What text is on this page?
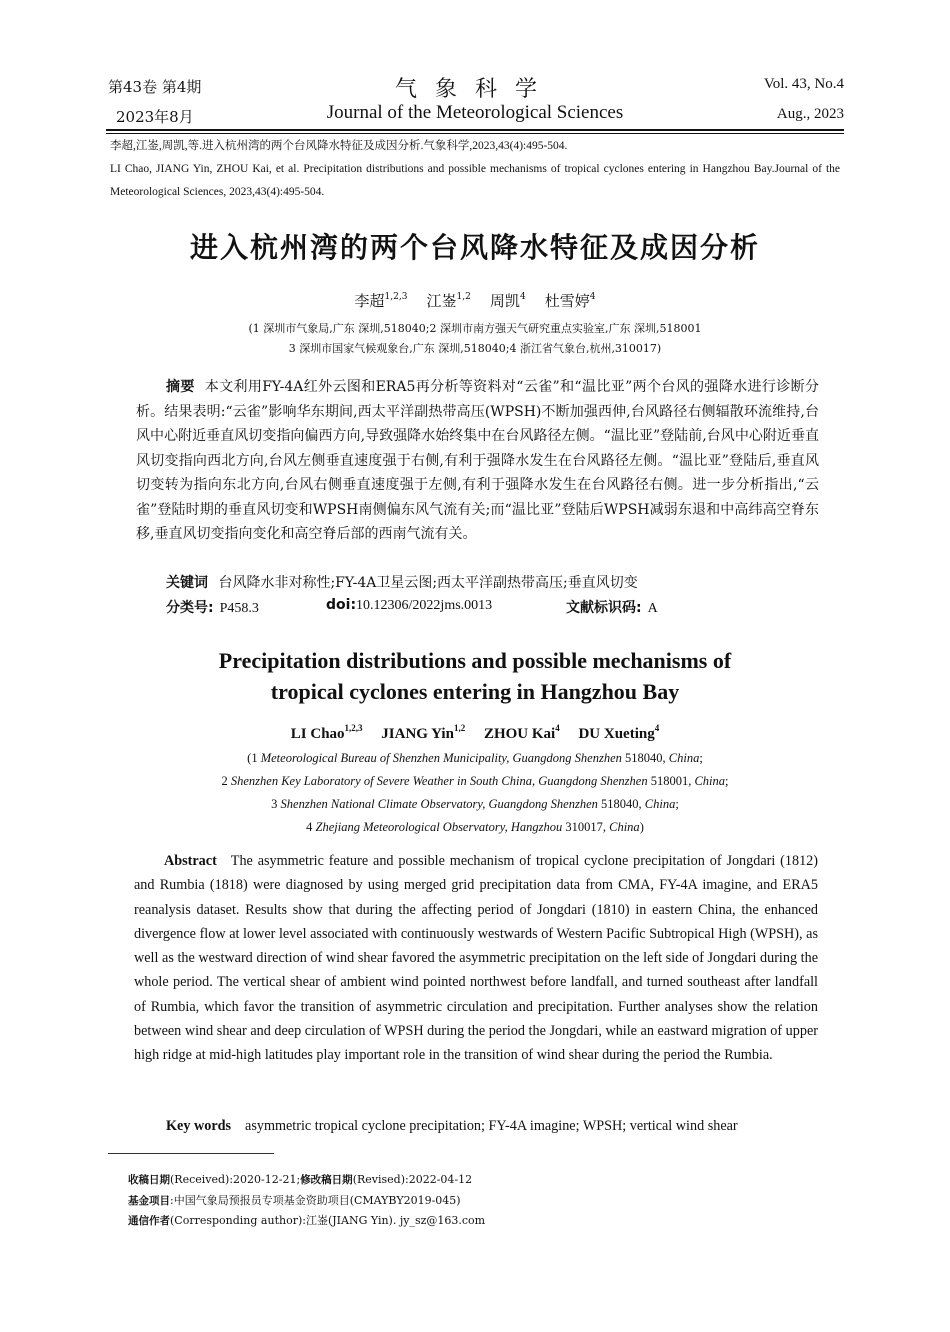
第43卷 第4期
2023年8月
气象科学
Journal of the Meteorological Sciences
Vol. 43, No.4
Aug., 2023
李超,江崟,周凯,等.进入杭州湾的两个台风降水特征及成因分析.气象科学,2023,43(4):495-504.
LI Chao, JIANG Yin, ZHOU Kai, et al. Precipitation distributions and possible mechanisms of tropical cyclones entering in Hangzhou Bay.Journal of the Meteorological Sciences, 2023,43(4):495-504.
进入杭州湾的两个台风降水特征及成因分析
李超$^{1,2,3}$ 江崟$^{1,2}$ 周凯$^4$ 杜雪婷$^4$
(1 深圳市气象局,广东 深圳,518040;2 深圳市南方强天气研究重点实验室,广东 深圳,518001
3 深圳市国家气候观象台,广东 深圳,518040;4 浙江省气象台,杭州,310017)
摘要 本文利用FY-4A红外云图和ERA5再分析等资料对“云雀”和“温比亚”两个台风的强降水进行诊断分析。结果表明:“云雀”影响华东期间,西太平洋副热带高压(WPSH)不断加强西伸,台风路径右侧辐散环流维持,台风中心附近垂直风切变指向偏西方向,导致强降水始终集中在台风路径左侧。“温比亚”登陆前,台风中心附近垂直风切变指向西北方向,台风左侧垂直速度强于右侧,有利于强降水发生在台风路径左侧。“温比亚”登陆后,垂直风切变转为指向东北方向,台风右侧垂直速度强于左侧,有利于强降水发生在台风路径右侧。进一步分析指出,“云雀”登陆时期的垂直风切变和WPSH南侧偏东风气流有关;而“温比亚”登陆后WPSH减弱东退和中高纬高空脊东移,垂直风切变指向变化和高空脊后部的西南气流有关。
关键词 台风降水非对称性;FY-4A卫星云图;西太平洋副热带高压;垂直风切变
分类号: P458.3	doi:10.12306/2022jms.0013	文献标识码: A
Precipitation distributions and possible mechanisms of
tropical cyclones entering in Hangzhou Bay
LI Chao$^{1,2,3}$ JIANG Yin$^{1,2}$ ZHOU Kai$^4$ DU Xueting$^4$
(1 Meteorological Bureau of Shenzhen Municipality, Guangdong Shenzhen 518040, China;
2 Shenzhen Key Laboratory of Severe Weather in South China, Guangdong Shenzhen 518001, China;
3 Shenzhen National Climate Observatory, Guangdong Shenzhen 518040, China;
4 Zhejiang Meteorological Observatory, Hangzhou 310017, China)
Abstract The asymmetric feature and possible mechanism of tropical cyclone precipitation of Jongdari (1812) and Rumbia (1818) were diagnosed by using merged grid precipitation data from CMA, FY-4A imagine, and ERA5 reanalysis dataset. Results show that during the affecting period of Jongdari (1810) in eastern China, the enhanced divergence flow at lower level associated with continuously westwards of Western Pacific Subtropical High (WPSH), as well as the westward direction of wind shear favored the asymmetric precipitation on the left side of Jongdari during the whole period. The vertical shear of ambient wind pointed northwest before landfall, and turned southeast after landfall of Rumbia, which favor the transition of asymmetric circulation and precipitation. Further analyses show the relation between wind shear and deep circulation of WPSH during the period the Jongdari, while an eastward migration of upper high ridge at mid-high latitudes play important role in the transition of wind shear during the period the Rumbia.
Key words asymmetric tropical cyclone precipitation; FY-4A imagine; WPSH; vertical wind shear
收稿日期(Received):2020-12-21;修改稿日期(Revised):2022-04-12
基金项目:中国气象局预报员专项基金资助项目(CMAYBY2019-045)
通信作者(Corresponding author):江崟(JIANG Yin). jy_sz@163.com
